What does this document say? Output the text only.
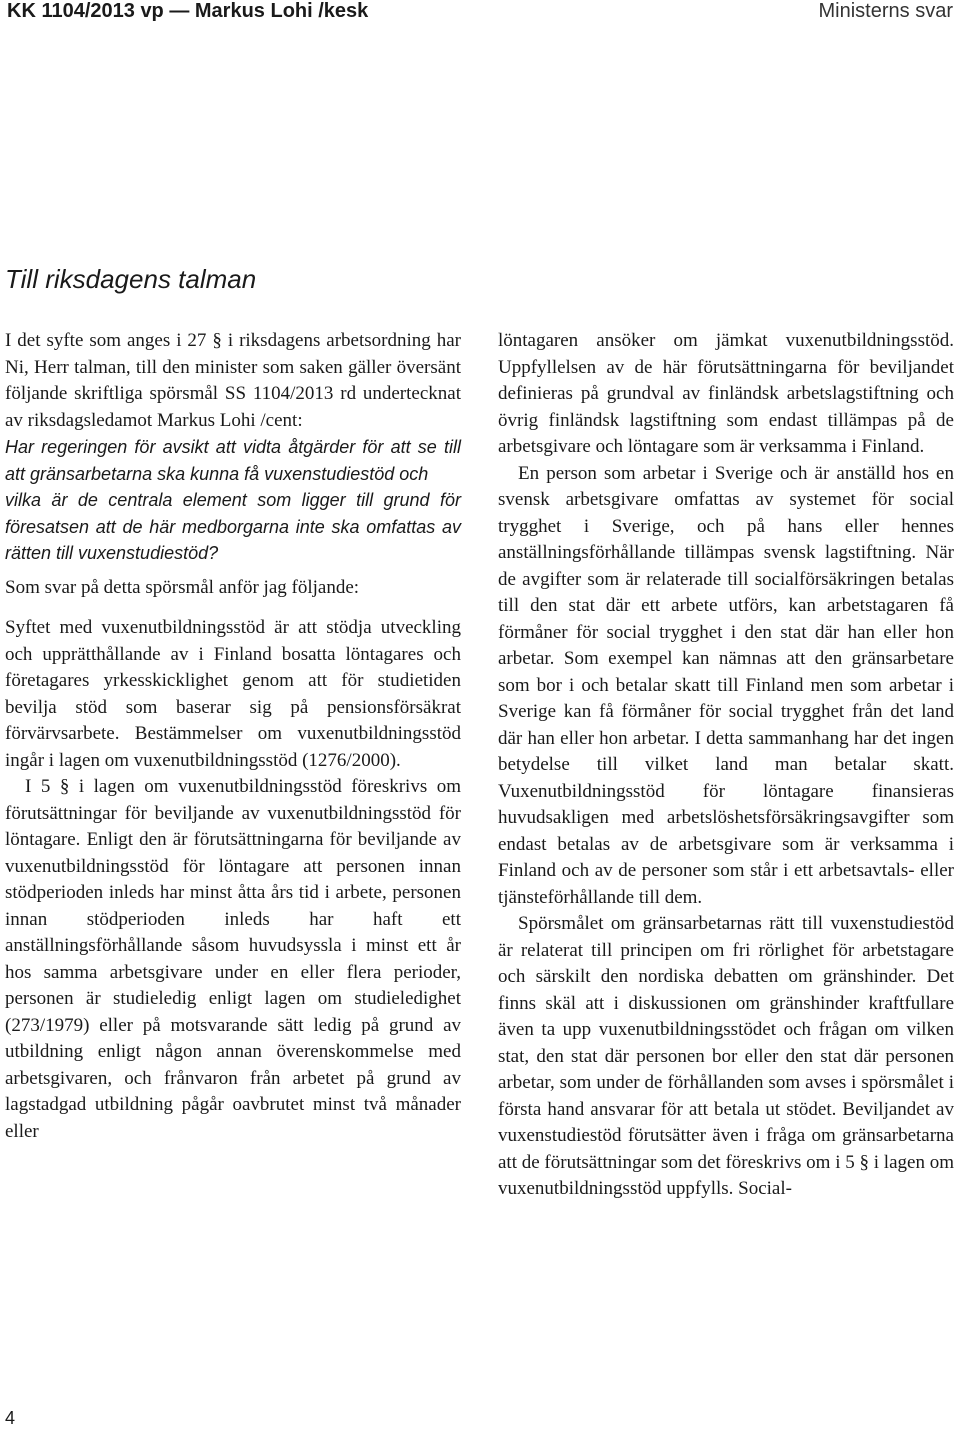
KK 1104/2013 vp — Markus Lohi /kesk	Ministerns svar
Till riksdagens talman

I det syfte som anges i 27 § i riksdagens arbetsordning har Ni, Herr talman, till den minister som saken gäller översänt följande skriftliga spörsmål SS 1104/2013 rd undertecknat av riksdagsledamot Markus Lohi /cent:

Har regeringen för avsikt att vidta åtgärder för att se till att gränsarbetarna ska kunna få vuxenstudiestöd och

vilka är de centrala element som ligger till grund för föresatsen att de här medborgarna inte ska omfattas av rätten till vuxenstudiestöd?

Som svar på detta spörsmål anför jag följande:

Syftet med vuxenutbildningsstöd är att stödja utveckling och upprätthållande av i Finland bosatta löntagares och företagares yrkesskicklighet genom att för studietiden bevilja stöd som baserar sig på pensionsförsäkrat förvärvsarbete. Bestämmelser om vuxenutbildningsstöd ingår i lagen om vuxenutbildningsstöd (1276/2000).

I 5 § i lagen om vuxenutbildningsstöd föreskrivs om förutsättningar för beviljande av vuxenutbildningsstöd för löntagare. Enligt den är förutsättningarna för beviljande av vuxenutbildningsstöd för löntagare att personen innan stödperioden inleds har minst åtta års tid i arbete, personen innan stödperioden inleds har haft ett anställningsförhållande såsom huvudsyssla i minst ett år hos samma arbetsgivare under en eller flera perioder, personen är studieledig enligt lagen om studieledighet (273/1979) eller på motsvarande sätt ledig på grund av utbildning enligt någon annan överenskommelse med arbetsgivaren, och frånvaron från arbetet på grund av lagstadgad utbildning pågår oavbrutet minst två månader eller

löntagaren ansöker om jämkat vuxenutbildningsstöd. Uppfyllelsen av de här förutsättningarna för beviljandet definieras på grundval av finländsk arbetslagstiftning och övrig finländsk lagstiftning som endast tillämpas på de arbetsgivare och löntagare som är verksamma i Finland.

En person som arbetar i Sverige och är anställd hos en svensk arbetsgivare omfattas av systemet för social trygghet i Sverige, och på hans eller hennes anställningsförhållande tillämpas svensk lagstiftning. När de avgifter som är relaterade till socialförsäkringen betalas till den stat där ett arbete utförs, kan arbetstagaren få förmåner för social trygghet i den stat där han eller hon arbetar. Som exempel kan nämnas att den gränsarbetare som bor i och betalar skatt till Finland men som arbetar i Sverige kan få förmåner för social trygghet från det land där han eller hon arbetar. I detta sammanhang har det ingen betydelse till vilket land man betalar skatt. Vuxenutbildningsstöd för löntagare finansieras huvudsakligen med arbetslöshetsförsäkringsavgifter som endast betalas av de arbetsgivare som är verksamma i Finland och av de personer som står i ett arbetsavtals- eller tjänsteförhållande till dem.

Spörsmålet om gränsarbetarnas rätt till vuxenstudiestöd är relaterat till principen om fri rörlighet för arbetstagare och särskilt den nordiska debatten om gränshinder. Det finns skäl att i diskussionen om gränshinder kraftfullare även ta upp vuxenutbildningsstödet och frågan om vilken stat, den stat där personen bor eller den stat där personen arbetar, som under de förhållanden som avses i spörsmålet i första hand ansvarar för att betala ut stödet. Beviljandet av vuxenstudiestöd förutsätter även i fråga om gränsarbetarna att de förutsättningar som det föreskrivs om i 5 § i lagen om vuxenutbildningsstöd uppfylls. Social-

4
